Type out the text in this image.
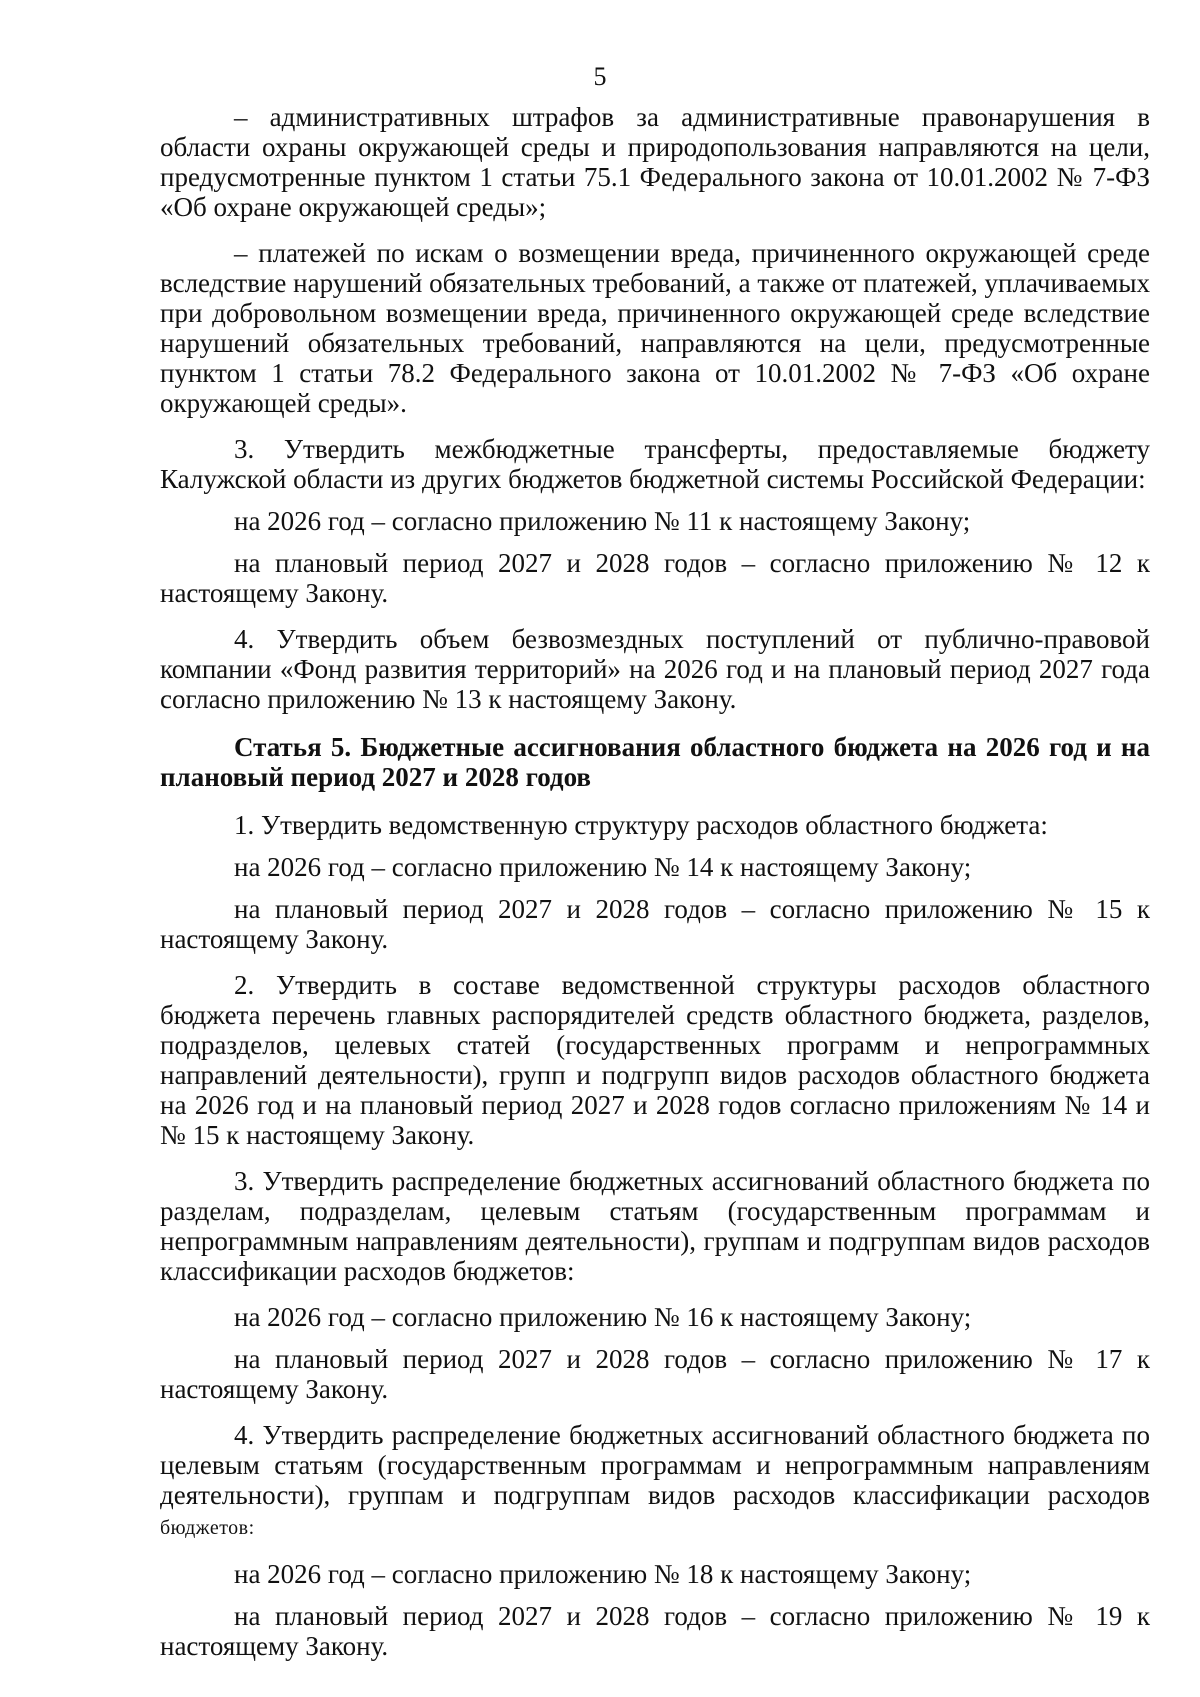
5

– административных штрафов за административные правонарушения в области охраны окружающей среды и природопользования направляются на цели, предусмотренные пунктом 1 статьи 75.1 Федерального закона от 10.01.2002 № 7-ФЗ «Об охране окружающей среды»;

– платежей по искам о возмещении вреда, причиненного окружающей среде вследствие нарушений обязательных требований, а также от платежей, уплачиваемых при добровольном возмещении вреда, причиненного окружающей среде вследствие нарушений обязательных требований, направляются на цели, предусмотренные пунктом 1 статьи 78.2 Федерального закона от 10.01.2002 № 7-ФЗ «Об охране окружающей среды».

3. Утвердить межбюджетные трансферты, предоставляемые бюджету Калужской области из других бюджетов бюджетной системы Российской Федерации:

на 2026 год – согласно приложению № 11 к настоящему Закону;

на плановый период 2027 и 2028 годов – согласно приложению № 12 к настоящему Закону.

4. Утвердить объем безвозмездных поступлений от публично-правовой компании «Фонд развития территорий» на 2026 год и на плановый период 2027 года согласно приложению № 13 к настоящему Закону.

Статья 5. Бюджетные ассигнования областного бюджета на 2026 год и на плановый период 2027 и 2028 годов

1. Утвердить ведомственную структуру расходов областного бюджета:

на 2026 год – согласно приложению № 14 к настоящему Закону;

на плановый период 2027 и 2028 годов – согласно приложению № 15 к настоящему Закону.

2. Утвердить в составе ведомственной структуры расходов областного бюджета перечень главных распорядителей средств областного бюджета, разделов, подразделов, целевых статей (государственных программ и непрограммных направлений деятельности), групп и подгрупп видов расходов областного бюджета на 2026 год и на плановый период 2027 и 2028 годов согласно приложениям № 14 и № 15 к настоящему Закону.

3. Утвердить распределение бюджетных ассигнований областного бюджета по разделам, подразделам, целевым статьям (государственным программам и непрограммным направлениям деятельности), группам и подгруппам видов расходов классификации расходов бюджетов:

на 2026 год – согласно приложению № 16 к настоящему Закону;

на плановый период 2027 и 2028 годов – согласно приложению № 17 к настоящему Закону.

4. Утвердить распределение бюджетных ассигнований областного бюджета по целевым статьям (государственным программам и непрограммным направлениям деятельности), группам и подгруппам видов расходов классификации расходов бюджетов:

на 2026 год – согласно приложению № 18 к настоящему Закону;

на плановый период 2027 и 2028 годов – согласно приложению № 19 к настоящему Закону.
